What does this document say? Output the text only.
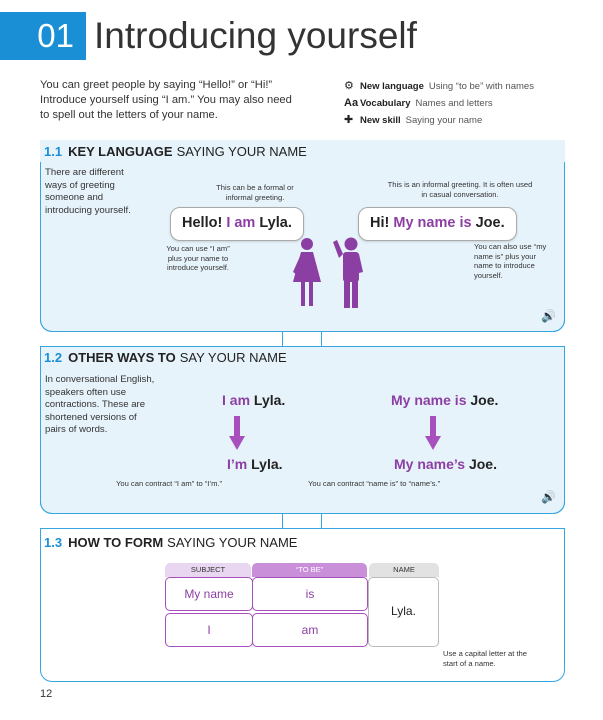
01 Introducing yourself
You can greet people by saying “Hello!” or “Hi!” Introduce yourself using “I am.” You may also need to spell out the letters of your name.
⚙ New language Using “to be” with names
Aa Vocabulary Names and letters
✚ New skill Saying your name
1.1 KEY LANGUAGE SAYING YOUR NAME
There are different ways of greeting someone and introducing yourself.
This can be a formal or informal greeting.
This is an informal greeting. It is often used in casual conversation.
Hello! I am Lyla.	Hi! My name is Joe.
You can use “I am” plus your name to introduce yourself.
You can also use “my name is” plus your name to introduce yourself.
🔊
1.2 OTHER WAYS TO SAY YOUR NAME
In conversational English, speakers often use contractions. These are shortened versions of pairs of words.
I am Lyla.
I’m Lyla.
My name is Joe.
My name’s Joe.
You can contract “I am” to “I’m.”	You can contract “name is” to “name’s.”
🔊
1.3 HOW TO FORM SAYING YOUR NAME
SUBJECT	“TO BE”	NAME
My name	is
I	am
Lyla.
Use a capital letter at the start of a name.
12
